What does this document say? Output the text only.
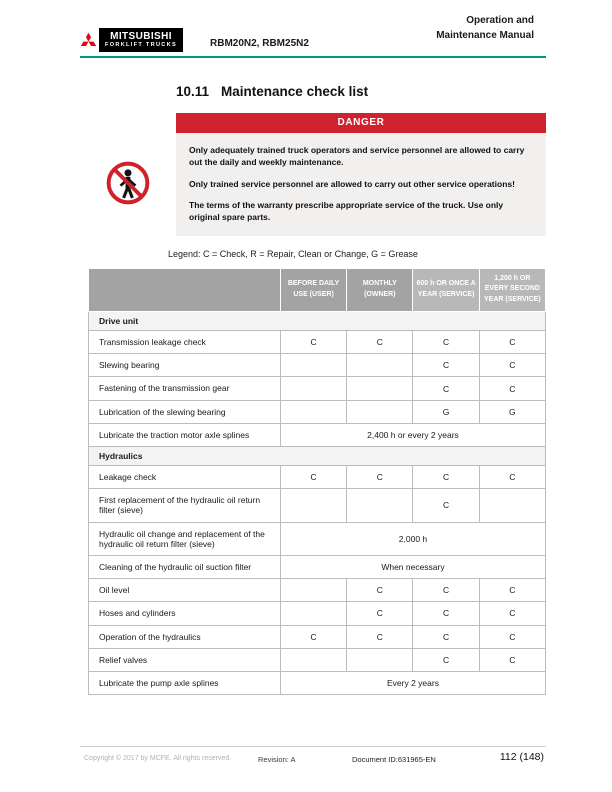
MITSUBISHI
FORKLIFT TRUCKS	RBM20N2, RBM25N2
Operation and
Maintenance Manual
10.11 Maintenance check list
DANGER

Only adequately trained truck operators and service personnel are allowed to carry out the daily and weekly maintenance.

Only trained service personnel are allowed to carry out other service operations!

The terms of the warranty prescribe appropriate service of the truck. Use only original spare parts.

Legend: C = Check, R = Repair, Clean or Change, G = Grease
	BEFORE DAILY USE (USER)	MONTHLY (OWNER)	600 h OR ONCE A YEAR (SERVICE)	1,200 h OR EVERY SECOND YEAR (SERVICE)
Drive unit				
Transmission leakage check	C	C	C	C
Slewing bearing			C	C
Fastening of the transmission gear			C	C
Lubrication of the slewing bearing			G	G
Lubricate the traction motor axle splines	2,400 h or every 2 years			
Hydraulics				
Leakage check	C	C	C	C
First replacement of the hydraulic oil return filter (sieve)			C	
Hydraulic oil change and replacement of the hydraulic oil return filter (sieve)	2,000 h			
Cleaning of the hydraulic oil suction filter	When necessary			
Oil level		C	C	C
Hoses and cylinders		C	C	C
Operation of the hydraulics	C	C	C	C
Relief valves			C	C
Lubricate the pump axle splines	Every 2 years			
Copyright © 2017 by MCFE. All rights reserved.	Revision: A	Document ID:631965-EN	112 (148)
